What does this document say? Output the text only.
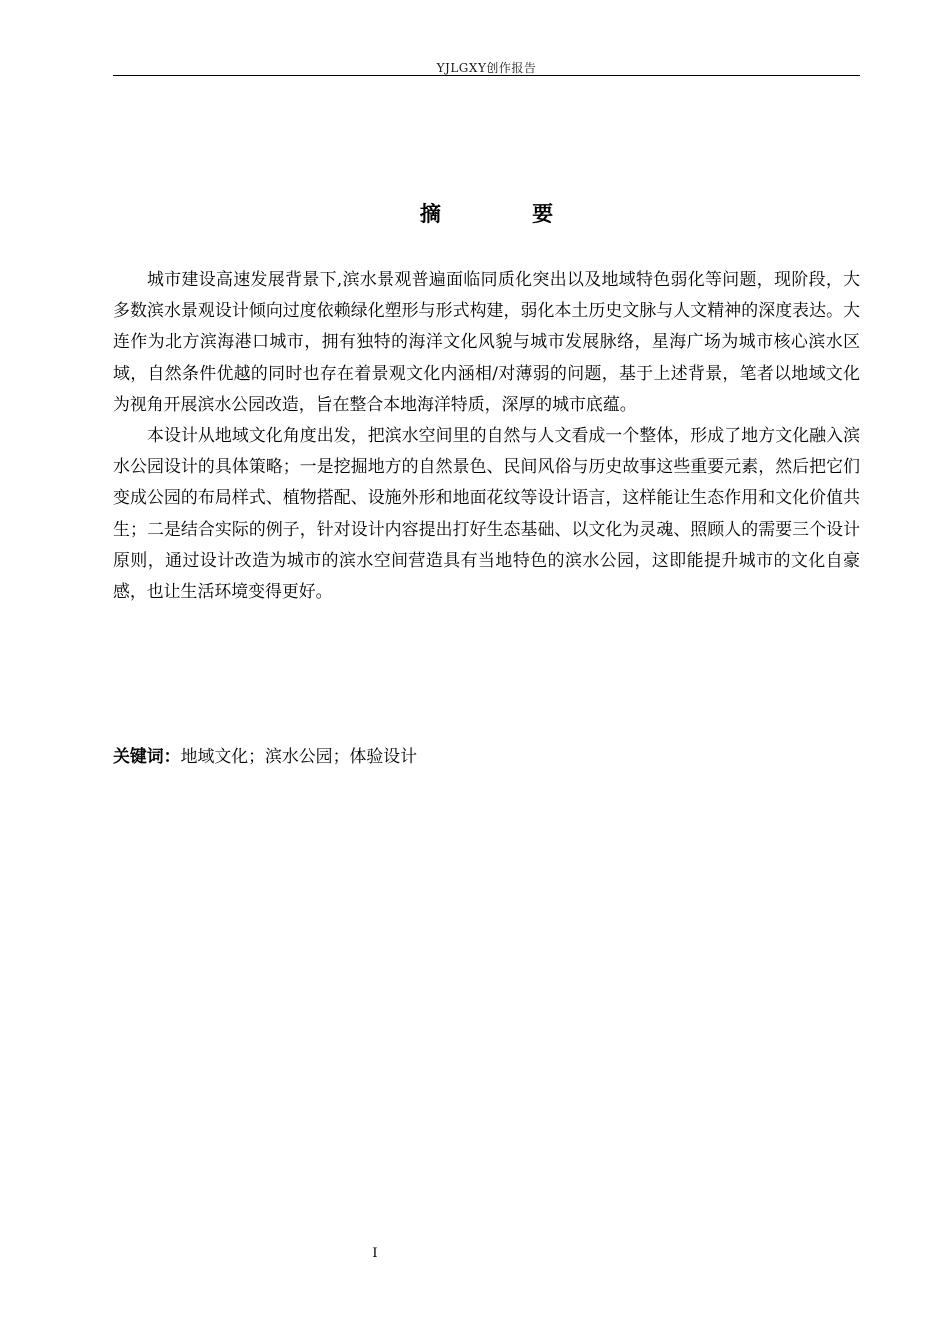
YJLGXY创作报告
摘 要

城市建设高速发展背景下,滨水景观普遍面临同质化突出以及地域特色弱化等问题，现阶段，大多数滨水景观设计倾向过度依赖绿化塑形与形式构建，弱化本土历史文脉与人文精神的深度表达。大连作为北方滨海港口城市，拥有独特的海洋文化风貌与城市发展脉络，星海广场为城市核心滨水区域，自然条件优越的同时也存在着景观文化内涵相/对薄弱的问题，基于上述背景，笔者以地域文化为视角开展滨水公园改造，旨在整合本地海洋特质，深厚的城市底蕴。

本设计从地域文化角度出发，把滨水空间里的自然与人文看成一个整体，形成了地方文化融入滨水公园设计的具体策略；一是挖掘地方的自然景色、民间风俗与历史故事这些重要元素，然后把它们变成公园的布局样式、植物搭配、设施外形和地面花纹等设计语言，这样能让生态作用和文化价值共生；二是结合实际的例子，针对设计内容提出打好生态基础、以文化为灵魂、照顾人的需要三个设计原则，通过设计改造为城市的滨水空间营造具有当地特色的滨水公园，这即能提升城市的文化自豪感，也让生活环境变得更好。

关键词：地域文化；滨水公园；体验设计
I
